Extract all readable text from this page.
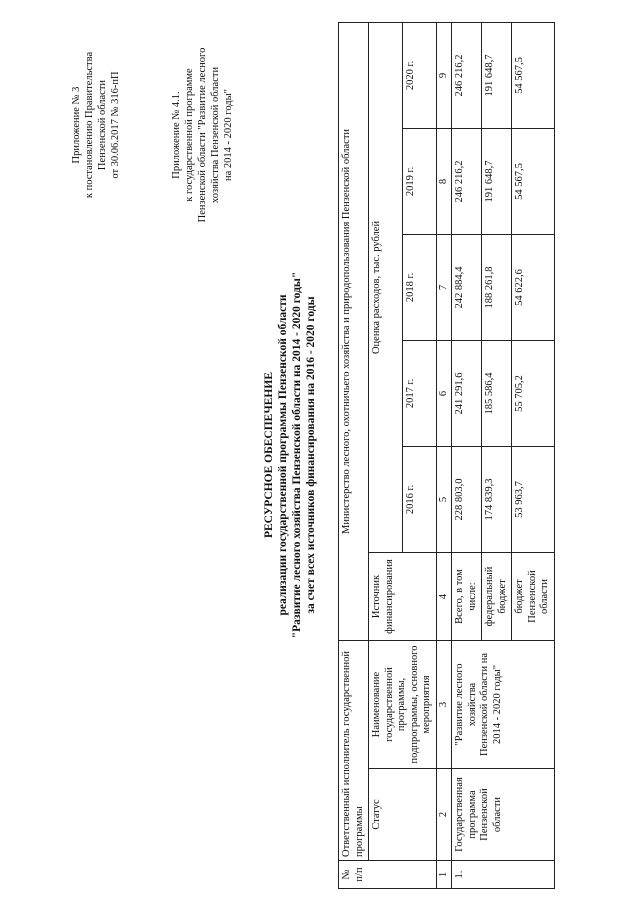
Приложение № 3 к постановлению Правительства Пензенской области от 30.06.2017 № 316-пП	Приложение № 4.1. к государственной программе Пензенской области "Развитие лесного хозяйства Пензенской области на 2014 - 2020 годы"
РЕСУРСНОЕ ОБЕСПЕЧЕНИЕ реализации государственной программы Пензенской области "Развитие лесного хозяйства Пензенской области на 2014 - 2020 годы" за счет всех источников финансирования на 2016 - 2020 годы
№ п/п	Ответственный исполнитель государственной программы		Министерство лесного, охотничьего хозяйства и природопользования Пензенской области					
	Статус	Наименование государственной программы, подпрограммы, основного мероприятия	Источник финансирования	Оценка расходов, тыс. рублей				
				2016 г.	2017 г.	2018 г.	2019 г.	2020 г.
1	2	3	4	5	6	7	8	9
1.	Государственная программа Пензенской области	"Развитие лесного хозяйства Пензенской области на 2014 - 2020 годы"	Всего, в том числе:	228 803,0	241 291,6	242 884,4	246 216,2	246 216,2
			федеральный бюджет	174 839,3	185 586,4	188 261,8	191 648,7	191 648,7
			бюджет Пензенской области	53 963,7	55 705,2	54 622,6	54 567,5	54 567,5
